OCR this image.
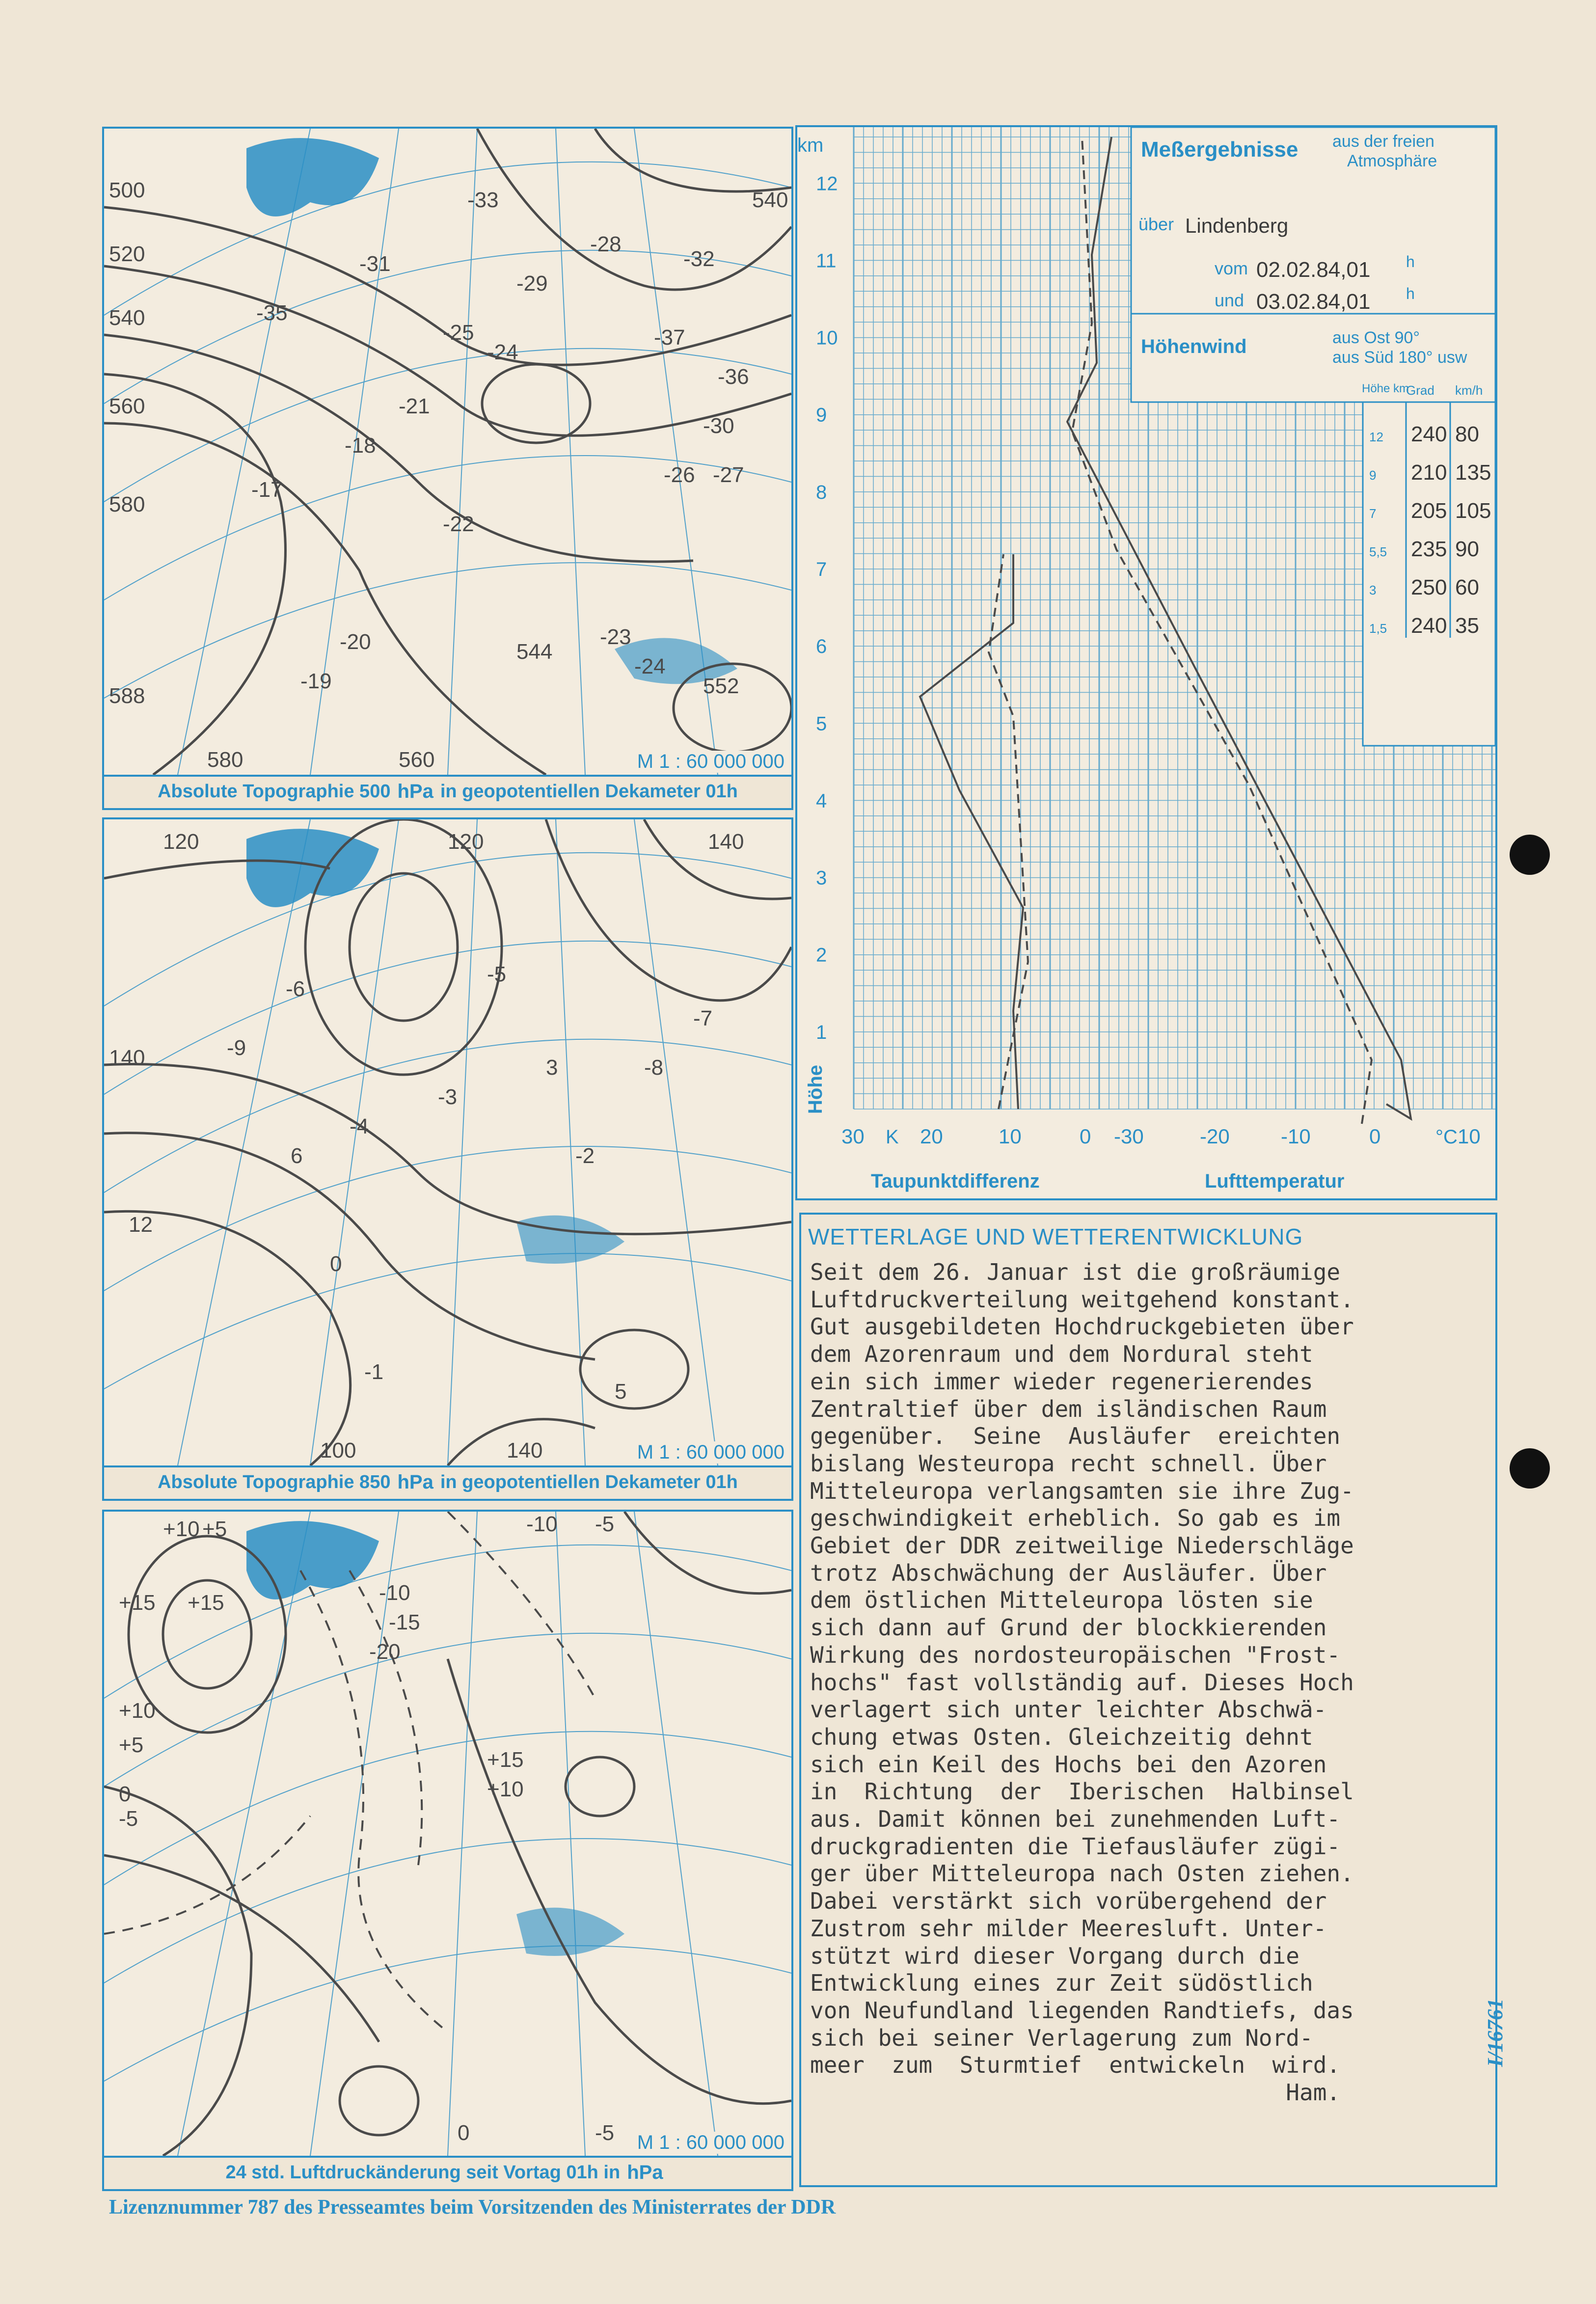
500
520
540
560
580
588
580	560
552
544
540
-31
-33
-29
-28
-25
-24
-21
-18
-17
-22
-19
-20	-23
-24
-26 -27
-30
-32
-35
-37
-36
M 1 : 60 000 000
Absolute Topographie 500 hPa in geopotentiellen Dekameter 01h
120
140
120	140
100	140
12
6
0
-1
-2
-3
-4
-5
-6
-8
-9
3
5
-7
M 1 : 60 000 000
Absolute Topographie 850 hPa in geopotentiellen Dekameter 01h
+10 +5
+15 +15
+10
+5
0
-5
-10
-15
-20
+15
+10
0	-5
-10 -5
M 1 : 60 000 000
24 std. Luftdruckänderung seit Vortag 01h in hPa
Meßergebnisse aus der freien
Atmosphäre
über Lindenberg
vom 02.02.84,01 h
und 03.02.84,01 h
Höhenwind	aus Ost 90°
aus Süd 180° usw
Höhe km
Grad km/h
12 240 80
9 210 135
7 205 105
5,5 235 90
3 250 60
1,5 240 35
12
11
10
9
8
7
6
5
4
3
2
1
km
Höhe
30	20	10	0 -30	-20 -10	0	10
K	°C
Taupunktdifferenz	Lufttemperatur
WETTERLAGE UND WETTERENTWICKLUNG
Seit dem 26. Januar ist die großräumige
Luftdruckverteilung weitgehend konstant.
Gut ausgebildeten Hochdruckgebieten über
dem Azorenraum und dem Nordural steht
ein sich immer wieder regenerierendes
Zentraltief über dem isländischen Raum
gegenüber.  Seine  Ausläufer  ereichten
bislang Westeuropa recht schnell. Über
Mitteleuropa verlangsamten sie ihre Zug-
geschwindigkeit erheblich. So gab es im
Gebiet der DDR zeitweilige Niederschläge
trotz Abschwächung der Ausläufer. Über
dem östlichen Mitteleuropa lösten sie
sich dann auf Grund der blockkierenden
Wirkung des nordosteuropäischen "Frost-
hochs" fast vollständig auf. Dieses Hoch
verlagert sich unter leichter Abschwä-
chung etwas Osten. Gleichzeitig dehnt
sich ein Keil des Hochs bei den Azoren
in  Richtung  der  Iberischen  Halbinsel
aus. Damit können bei zunehmenden Luft-
druckgradienten die Tiefausläufer zügi-
ger über Mitteleuropa nach Osten ziehen.
Dabei verstärkt sich vorübergehend der
Zustrom sehr milder Meeresluft. Unter-
stützt wird dieser Vorgang durch die
Entwicklung eines zur Zeit südöstlich
von Neufundland liegenden Randtiefs, das
sich bei seiner Verlagerung zum Nord-
meer  zum  Sturmtief  entwickeln  wird.
Ham.
Lizenznummer 787 des Presseamtes beim Vorsitzenden des Ministerrates der DDR
I/16761
